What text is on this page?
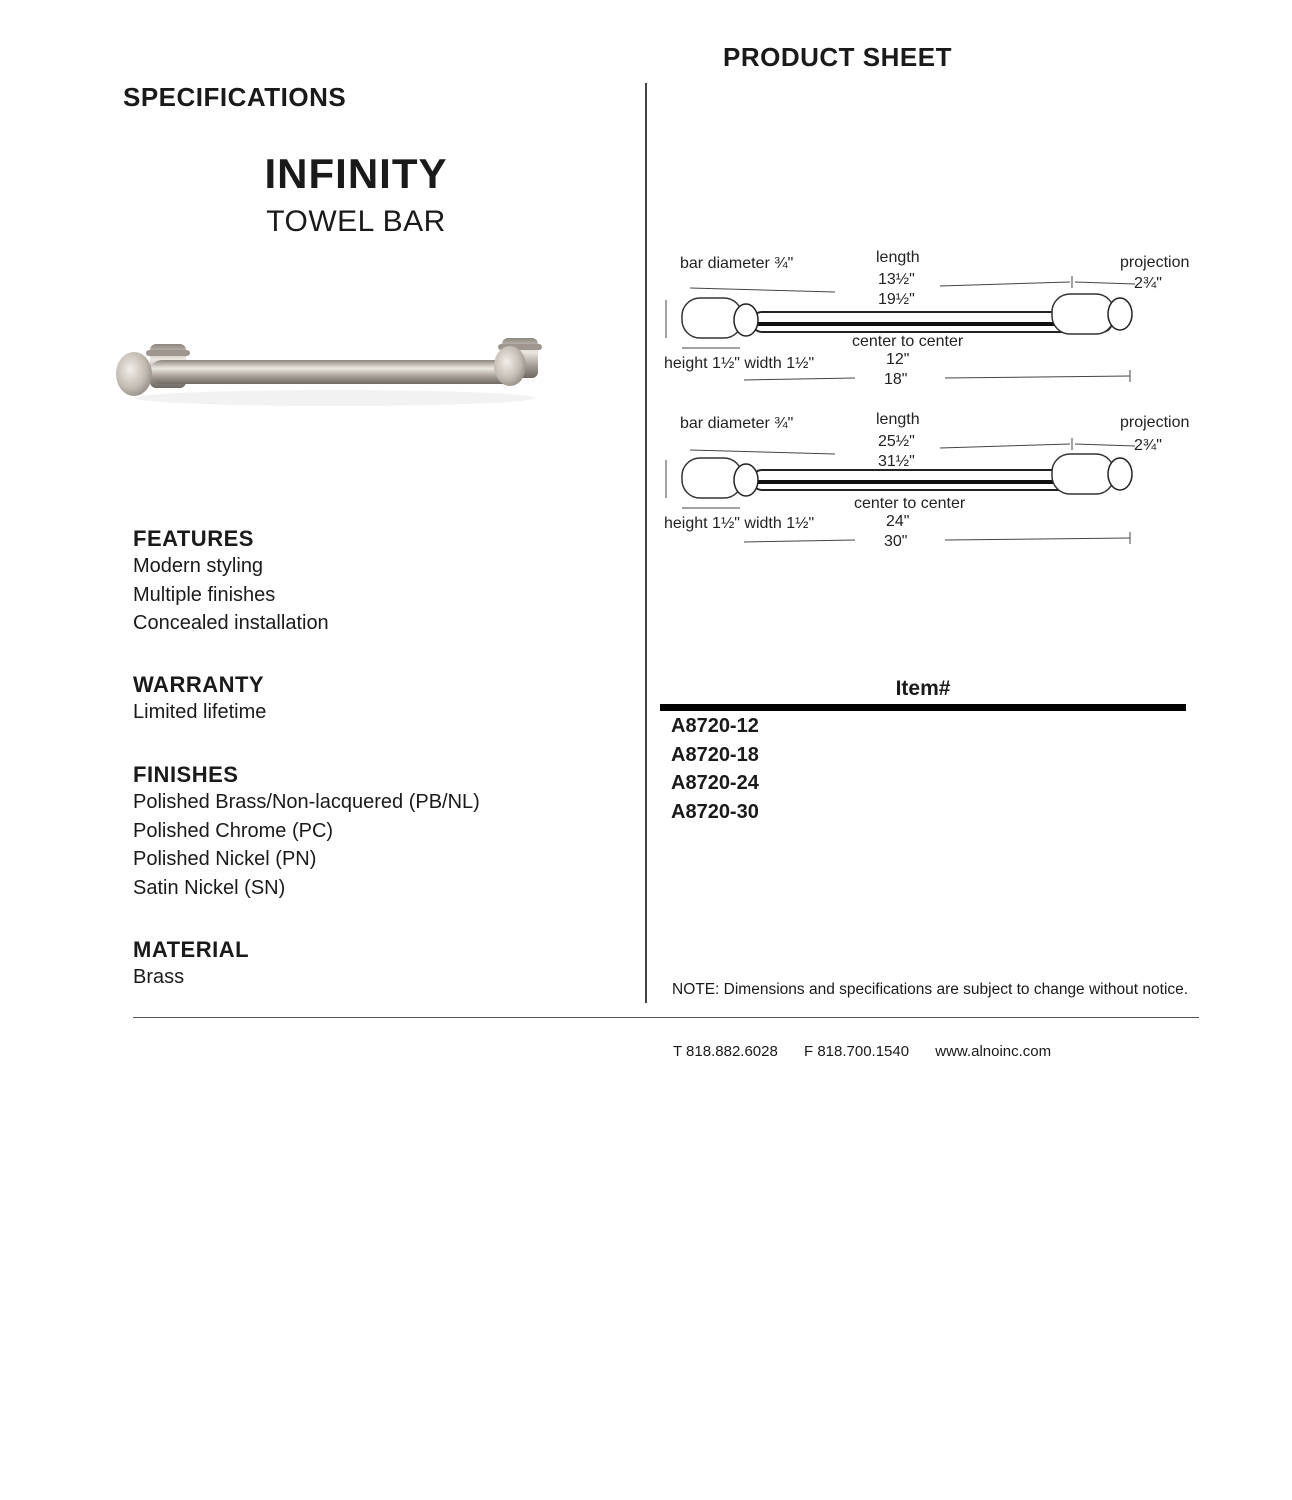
PRODUCT SHEET
SPECIFICATIONS
INFINITY
TOWEL BAR
FEATURES
Modern styling
Multiple finishes
Concealed installation
WARRANTY
Limited lifetime
FINISHES
Polished Brass/Non-lacquered (PB/NL)
Polished Chrome (PC)
Polished Nickel (PN)
Satin Nickel (SN)
MATERIAL
Brass
bar diameter ¾"	length
13½"
19½"
projection
2¾"
center to center
12"
18"
height 1½" width 1½"
bar diameter ¾"	length
25½"
31½"
projection
2¾"
center to center
24"
30"
height 1½" width 1½"
Item#
A8720-12
A8720-18
A8720-24
A8720-30
NOTE: Dimensions and specifications are subject to change without notice.
T 818.882.6028 F 818.700.1540 www.alnoinc.com
